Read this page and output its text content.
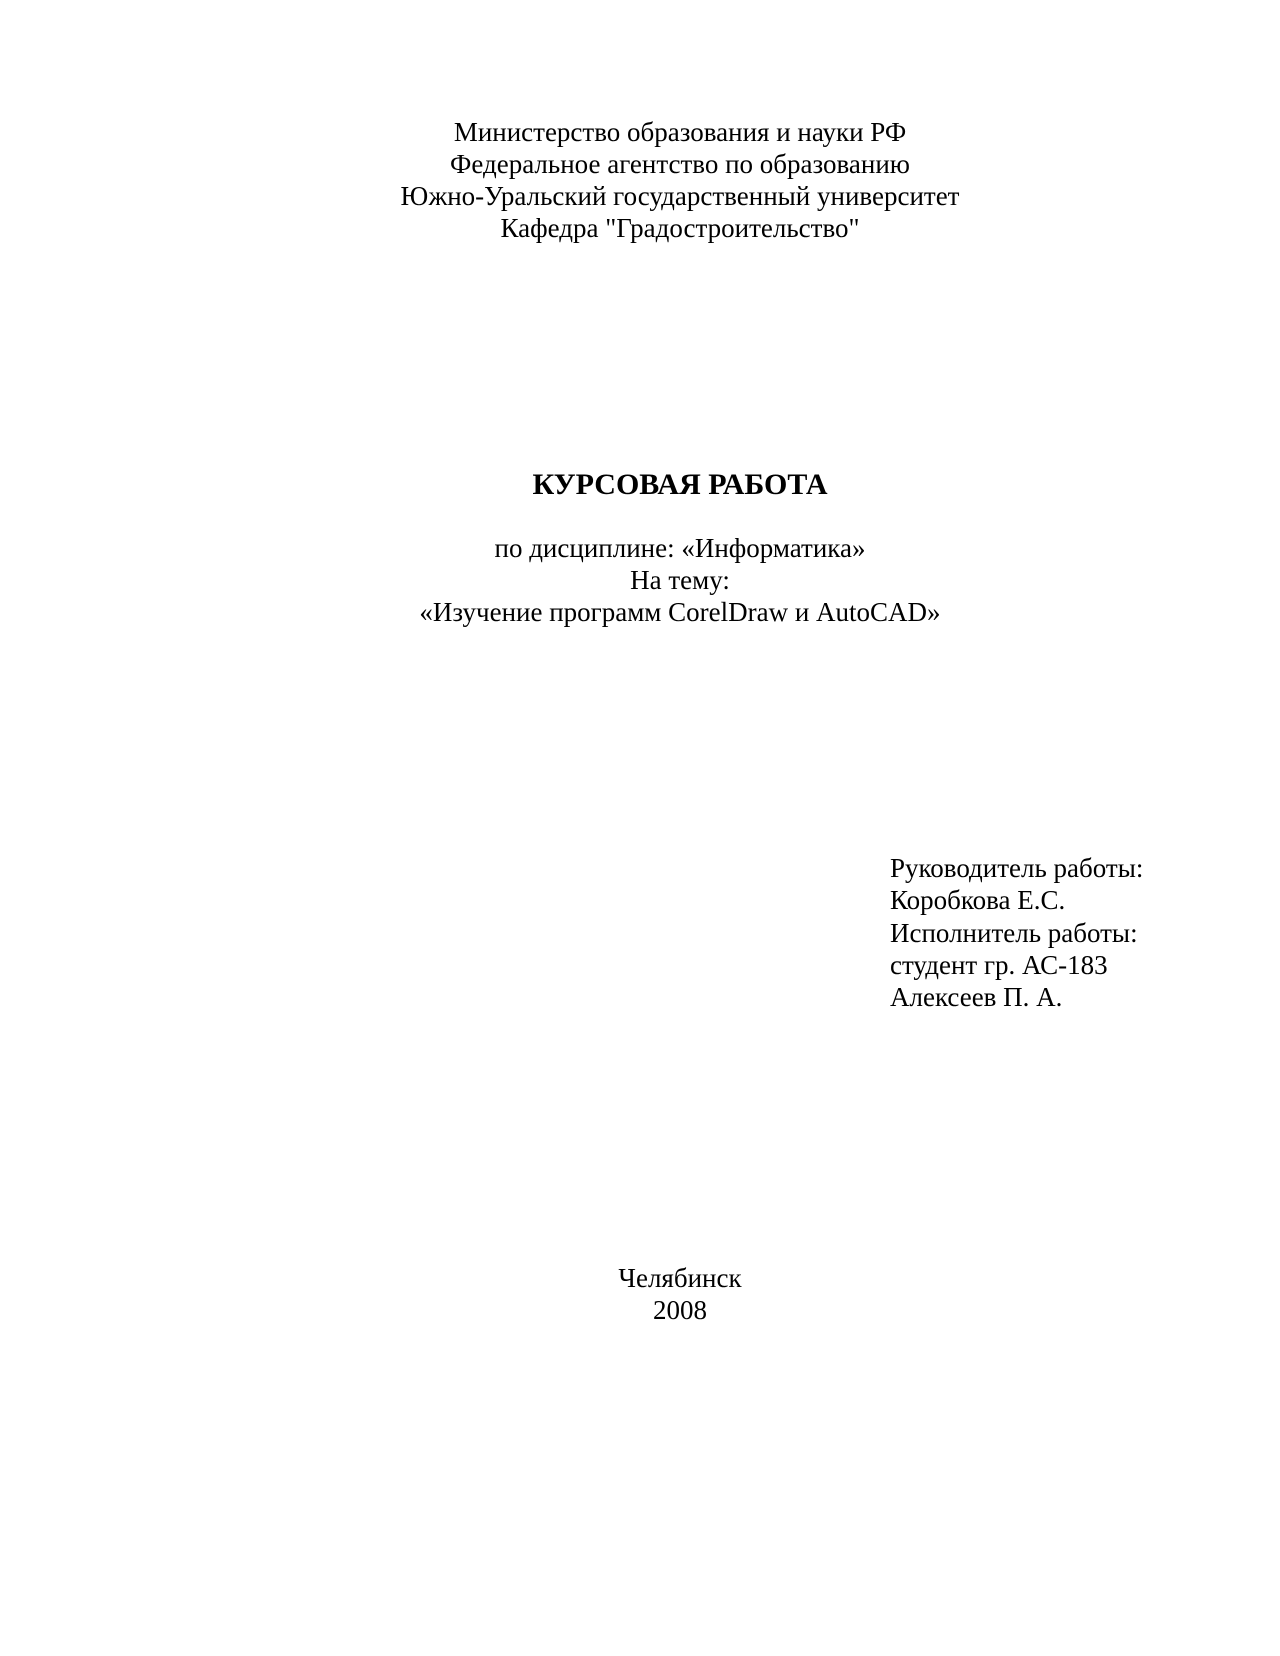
Министерство образования и науки РФ
Федеральное агентство по образованию
Южно-Уральский государственный университет
Кафедра "Градостроительство"
КУРСОВАЯ РАБОТА
по дисциплине: «Информатика»
На тему:
«Изучение программ CorelDraw и AutoCAD»
Руководитель работы:
Коробкова Е.С.
Исполнитель работы:
студент гр. АС-183
Алексеев П. А.
Челябинск
2008
